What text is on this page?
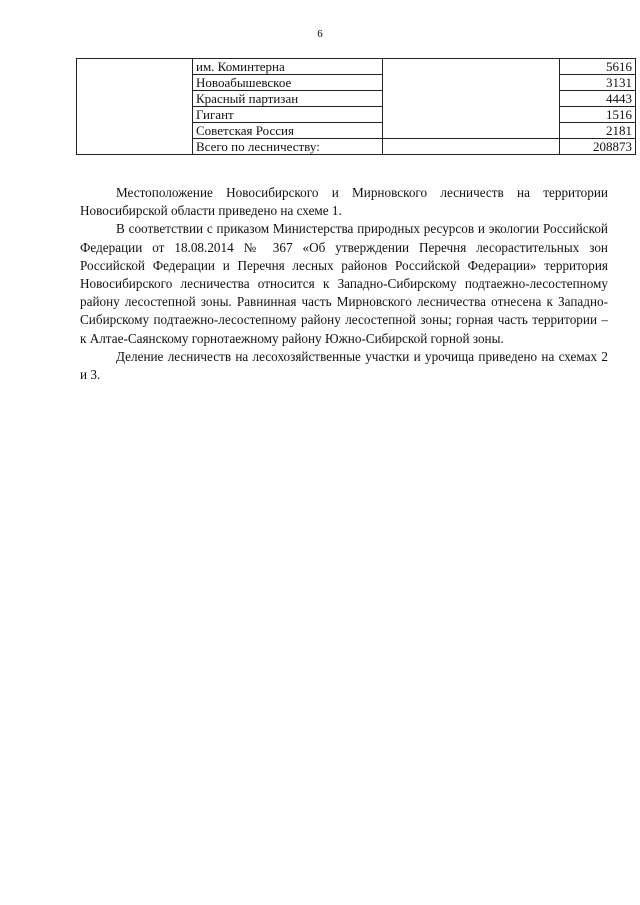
6
	им. Коминтерна		5616
	Новоабышевское		3131
	Красный партизан		4443
	Гигант		1516
	Советская Россия		2181
	Всего по лесничеству:		208873

Местоположение Новосибирского и Мирновского лесничеств на территории Новосибирской области приведено на схеме 1.

В соответствии с приказом Министерства природных ресурсов и экологии Российской Федерации от 18.08.2014 № 367 «Об утверждении Перечня лесорастительных зон Российской Федерации и Перечня лесных районов Российской Федерации» территория Новосибирского лесничества относится к Западно-Сибирскому подтаежно-лесостепному району лесостепной зоны. Равнинная часть Мирновского лесничества отнесена к Западно-Сибирскому подтаежно-лесостепному району лесостепной зоны; горная часть территории – к Алтае-Саянскому горнотаежному району Южно-Сибирской горной зоны.

Деление лесничеств на лесохозяйственные участки и урочища приведено на схемах 2 и 3.
